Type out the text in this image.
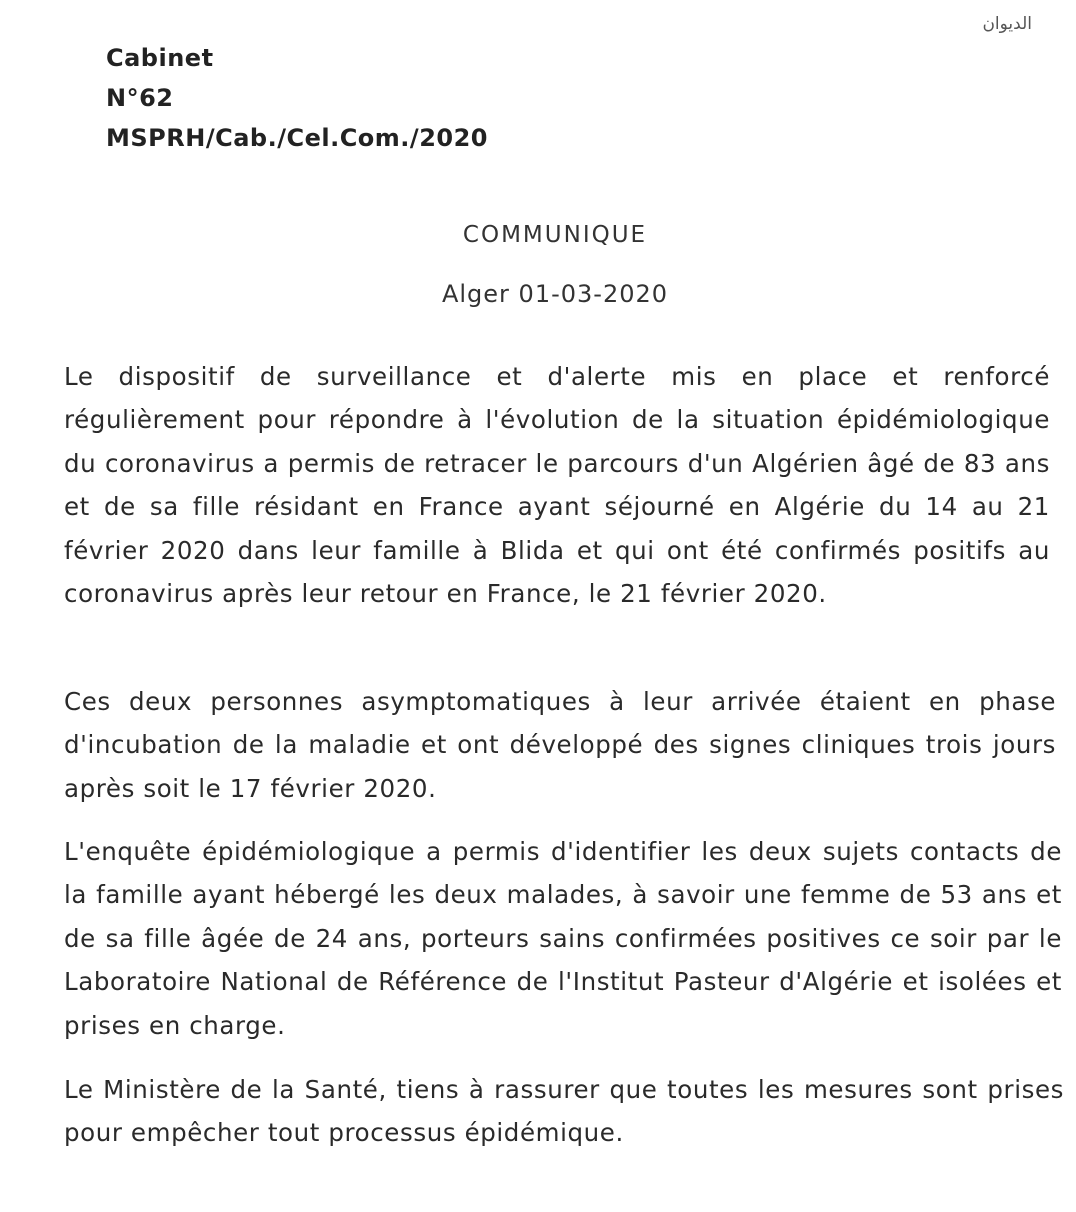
الديوان
Cabinet
N°62
MSPRH/Cab./Cel.Com./2020
COMMUNIQUE
Alger 01-03-2020

Le dispositif de surveillance et d'alerte mis en place et renforcé régulièrement pour répondre à l'évolution de la situation épidémiologique du coronavirus a permis de retracer le parcours d'un Algérien âgé de 83 ans et de sa fille résidant en France ayant séjourné en Algérie du 14 au 21 février 2020 dans leur famille à Blida et qui ont été confirmés positifs au coronavirus après leur retour en France, le 21 février 2020.

Ces deux personnes asymptomatiques à leur arrivée étaient en phase d'incubation de la maladie et ont développé des signes cliniques trois jours après soit le 17 février 2020.

L'enquête épidémiologique a permis d'identifier les deux sujets contacts de la famille ayant hébergé les deux malades, à savoir une femme de 53 ans et de sa fille âgée de 24 ans, porteurs sains confirmées positives ce soir par le Laboratoire National de Référence de l'Institut Pasteur d'Algérie et isolées et prises en charge.

Le Ministère de la Santé, tiens à rassurer que toutes les mesures sont prises pour empêcher tout processus épidémique.
